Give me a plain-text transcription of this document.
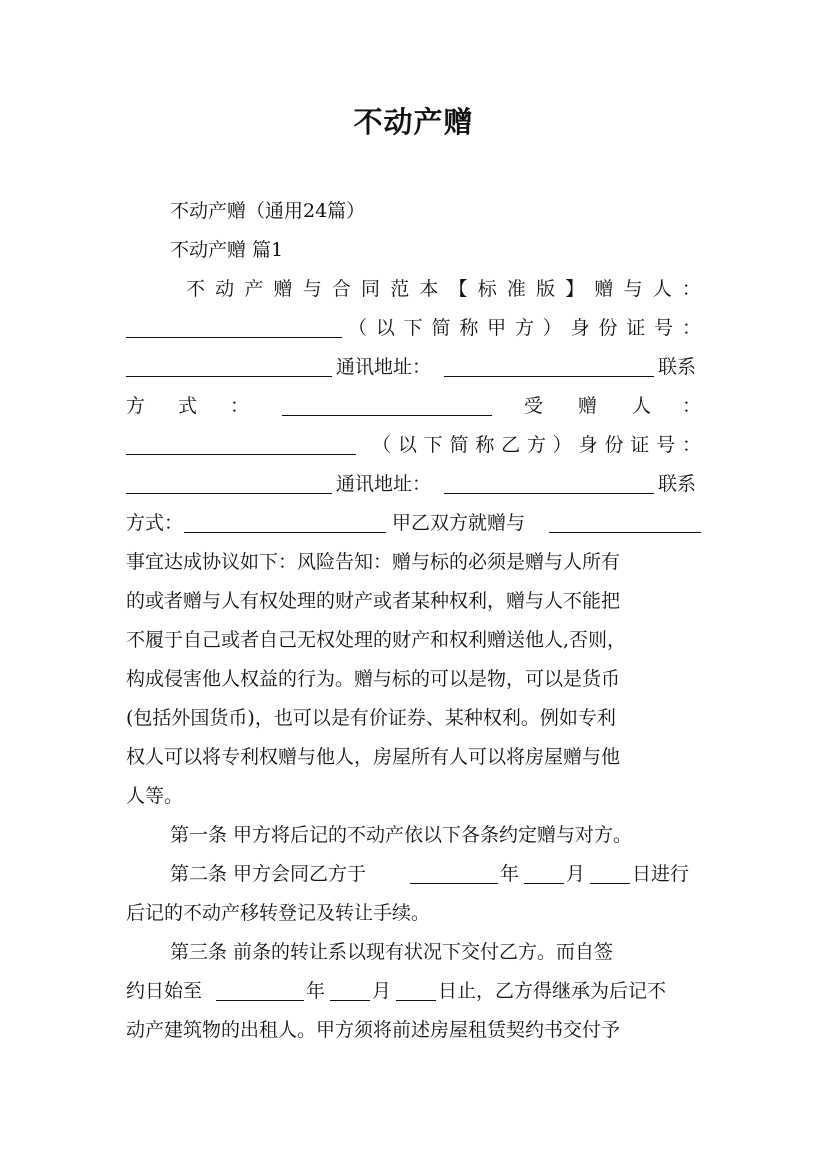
不动产赠
不动产赠（通用24篇）
不动产赠 篇1
不 动 产 赠 与 合 同 范 本 【 标 准 版 】 赠 与 人 ：
（ 以 下 简 称 甲 方 ） 身 份 证 号 ：
通讯地址：	联系
方 式 ：	受 赠 人 ：
（ 以 下 简 称 乙 方 ） 身 份 证 号 ：
通讯地址：	联系
方式：	甲乙双方就赠与
事宜达成协议如下：风险告知：赠与标的必须是赠与人所有
的或者赠与人有权处理的财产或者某种权利，赠与人不能把
不履于自己或者自己无权处理的财产和权利赠送他人,否则，
构成侵害他人权益的行为。赠与标的可以是物，可以是货币
(包括外国货币)，也可以是有价证券、某种权利。例如专利
权人可以将专利权赠与他人，房屋所有人可以将房屋赠与他
人等。
第一条 甲方将后记的不动产依以下各条约定赠与对方。
第二条 甲方会同乙方于	年 月 日进行
后记的不动产移转登记及转让手续。
第三条 前条的转让系以现有状况下交付乙方。而自签
约日始至	年 月 日止，乙方得继承为后记不
动产建筑物的出租人。甲方须将前述房屋租赁契约书交付予
